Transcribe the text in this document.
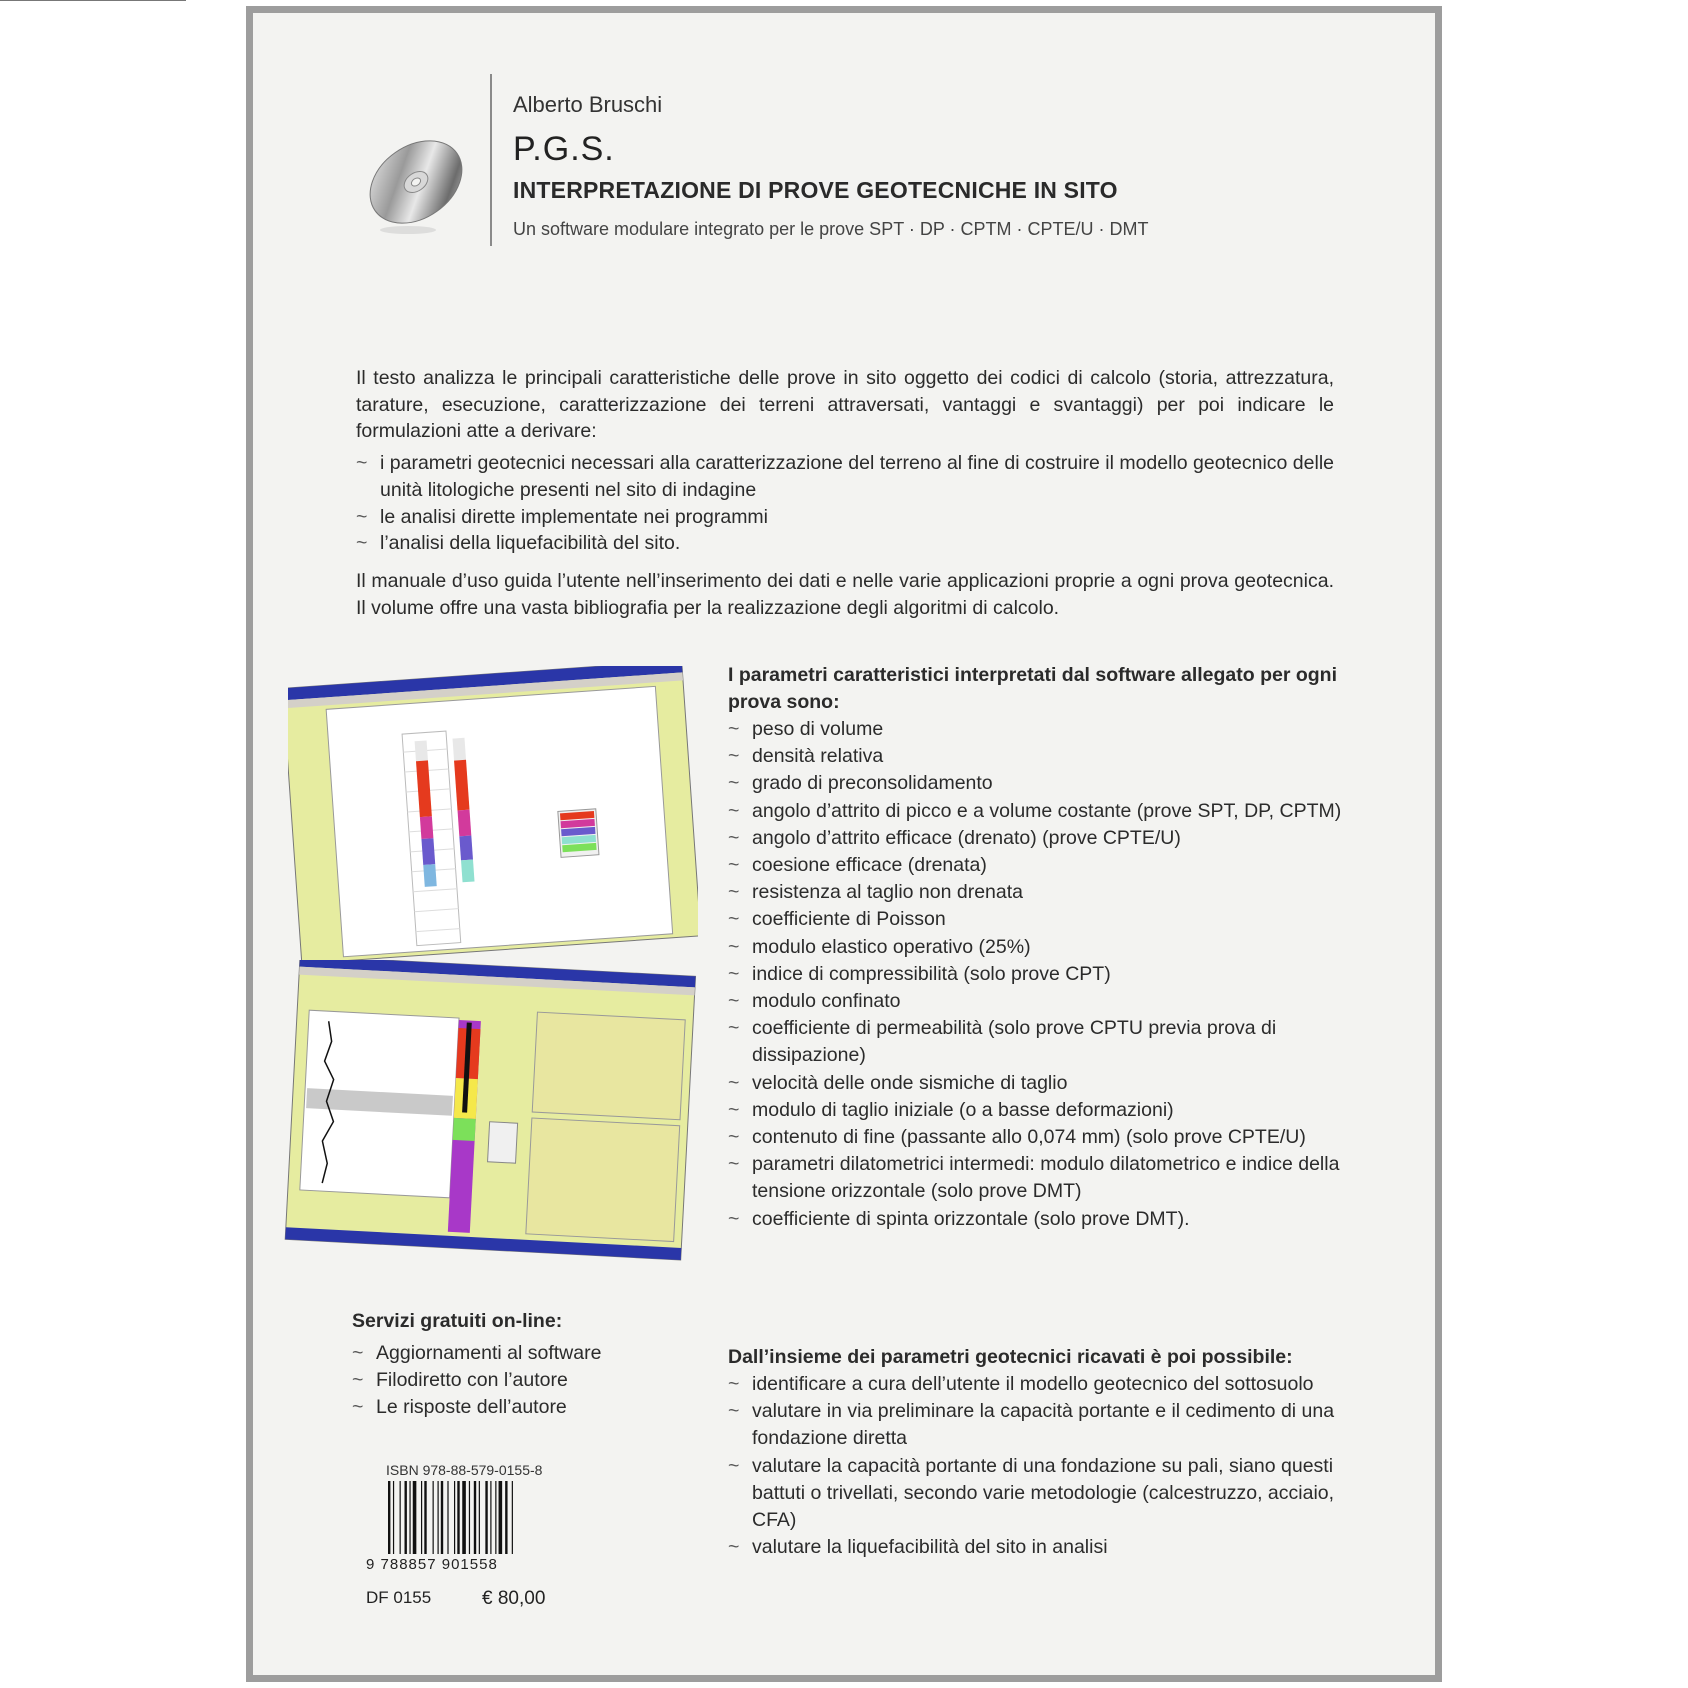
Alberto Bruschi
P.G.S.
INTERPRETAZIONE DI PROVE GEOTECNICHE IN SITO
Un software modulare integrato per le prove SPT · DP · CPTM · CPTE/U · DMT

Il testo analizza le principali caratteristiche delle prove in sito oggetto dei codici di calcolo (storia, attrezzatura, tarature, esecuzione, caratterizzazione dei terreni attraversati, vantaggi e svantaggi) per poi indicare le formulazioni atte a derivare:

~ i parametri geotecnici necessari alla caratterizzazione del terreno al fine di costruire il modello geotecnico delle unità litologiche presenti nel sito di indagine
~ le analisi dirette implementate nei programmi
~ l’analisi della liquefacibilità del sito.

Il manuale d’uso guida l’utente nell’inserimento dei dati e nelle varie applicazioni proprie a ogni prova geotecnica. Il volume offre una vasta bibliografia per la realizzazione degli algoritmi di calcolo.

I parametri caratteristici interpretati dal software allegato per ogni prova sono:
~ peso di volume
~ densità relativa
~ grado di preconsolidamento
~ angolo d’attrito di picco e a volume costante (prove SPT, DP, CPTM)
~ angolo d’attrito efficace (drenato) (prove CPTE/U)
~ coesione efficace (drenata)
~ resistenza al taglio non drenata
~ coefficiente di Poisson
~ modulo elastico operativo (25%)
~ indice di compressibilità (solo prove CPT)
~ modulo confinato
~ coefficiente di permeabilità (solo prove CPTU previa prova di dissipazione)
~ velocità delle onde sismiche di taglio
~ modulo di taglio iniziale (o a basse deformazioni)
~ contenuto di fine (passante allo 0,074 mm) (solo prove CPTE/U)
~ parametri dilatometrici intermedi: modulo dilatometrico e indice della tensione orizzontale (solo prove DMT)
~ coefficiente di spinta orizzontale (solo prove DMT).
Servizi gratuiti on-line:
~ Aggiornamenti al software
~ Filodiretto con l’autore
~ Le risposte dell’autore
Dall’insieme dei parametri geotecnici ricavati è poi possibile:
~ identificare a cura dell’utente il modello geotecnico del sottosuolo
~ valutare in via preliminare la capacità portante e il cedimento di una fondazione diretta
~ valutare la capacità portante di una fondazione su pali, siano questi battuti o trivellati, secondo varie metodologie (calcestruzzo, acciaio, CFA)
~ valutare la liquefacibilità del sito in analisi
ISBN 978-88-579-0155-8
9 788857 901558
DF 0155	€ 80,00
